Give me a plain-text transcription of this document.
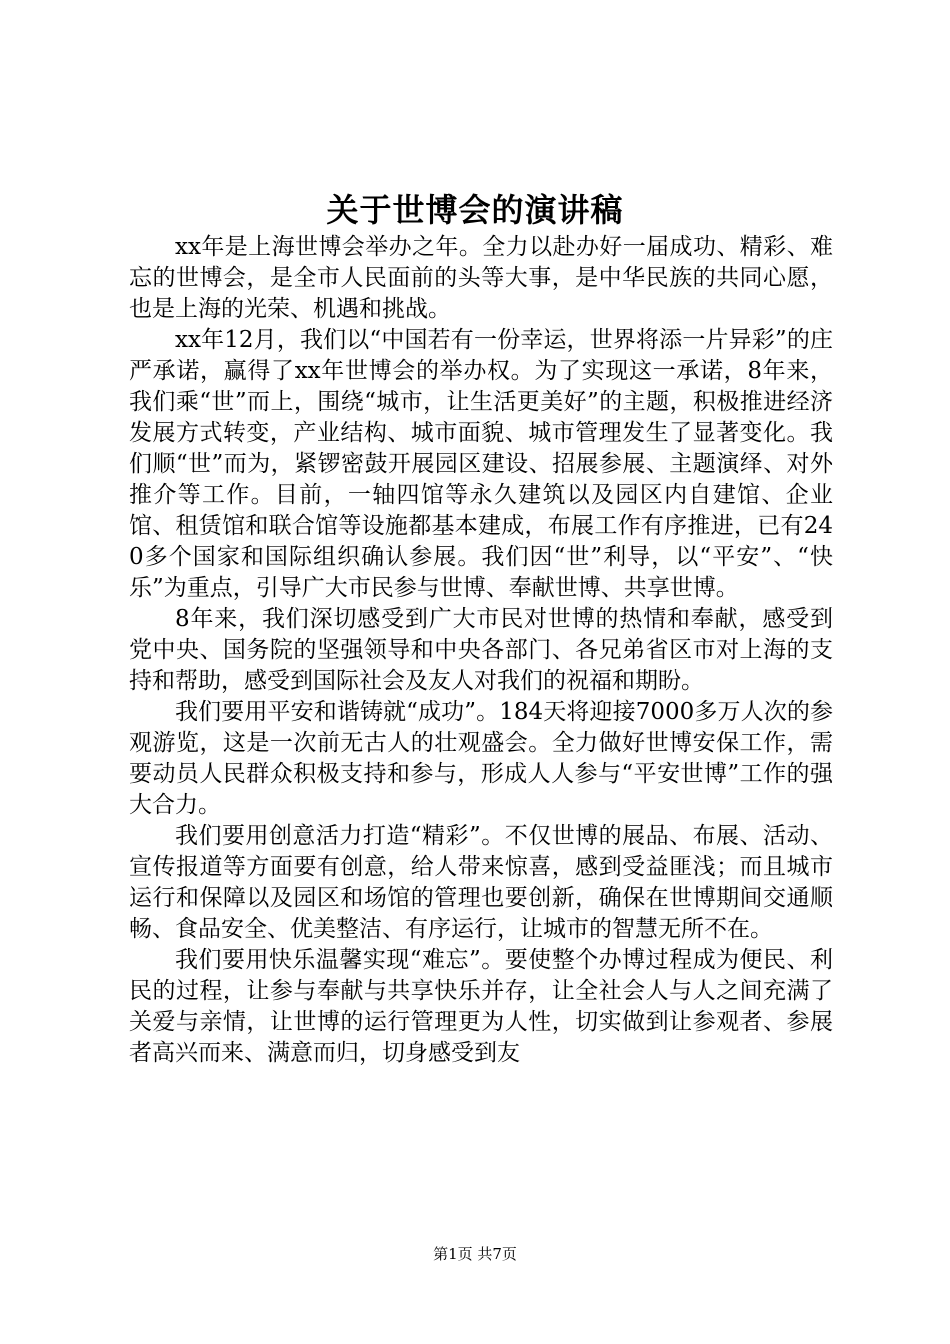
关于世博会的演讲稿

xx年是上海世博会举办之年。全力以赴办好一届成功、精彩、难忘的世博会，是全市人民面前的头等大事，是中华民族的共同心愿，也是上海的光荣、机遇和挑战。

xx年12月，我们以“中国若有一份幸运，世界将添一片异彩”的庄严承诺，赢得了xx年世博会的举办权。为了实现这一承诺，8年来，我们乘“世”而上，围绕“城市，让生活更美好”的主题，积极推进经济发展方式转变，产业结构、城市面貌、城市管理发生了显著变化。我们顺“世”而为，紧锣密鼓开展园区建设、招展参展、主题演绎、对外推介等工作。目前，一轴四馆等永久建筑以及园区内自建馆、企业馆、租赁馆和联合馆等设施都基本建成，布展工作有序推进，已有240多个国家和国际组织确认参展。我们因“世”利导，以“平安”、“快乐”为重点，引导广大市民参与世博、奉献世博、共享世博。

8年来，我们深切感受到广大市民对世博的热情和奉献，感受到党中央、国务院的坚强领导和中央各部门、各兄弟省区市对上海的支持和帮助，感受到国际社会及友人对我们的祝福和期盼。

我们要用平安和谐铸就“成功”。184天将迎接7000多万人次的参观游览，这是一次前无古人的壮观盛会。全力做好世博安保工作，需要动员人民群众积极支持和参与，形成人人参与“平安世博”工作的强大合力。

我们要用创意活力打造“精彩”。不仅世博的展品、布展、活动、宣传报道等方面要有创意，给人带来惊喜，感到受益匪浅；而且城市运行和保障以及园区和场馆的管理也要创新，确保在世博期间交通顺畅、食品安全、优美整洁、有序运行，让城市的智慧无所不在。

我们要用快乐温馨实现“难忘”。要使整个办博过程成为便民、利民的过程，让参与奉献与共享快乐并存，让全社会人与人之间充满了关爱与亲情，让世博的运行管理更为人性，切实做到让参观者、参展者高兴而来、满意而归，切身感受到友

第1页 共7页
